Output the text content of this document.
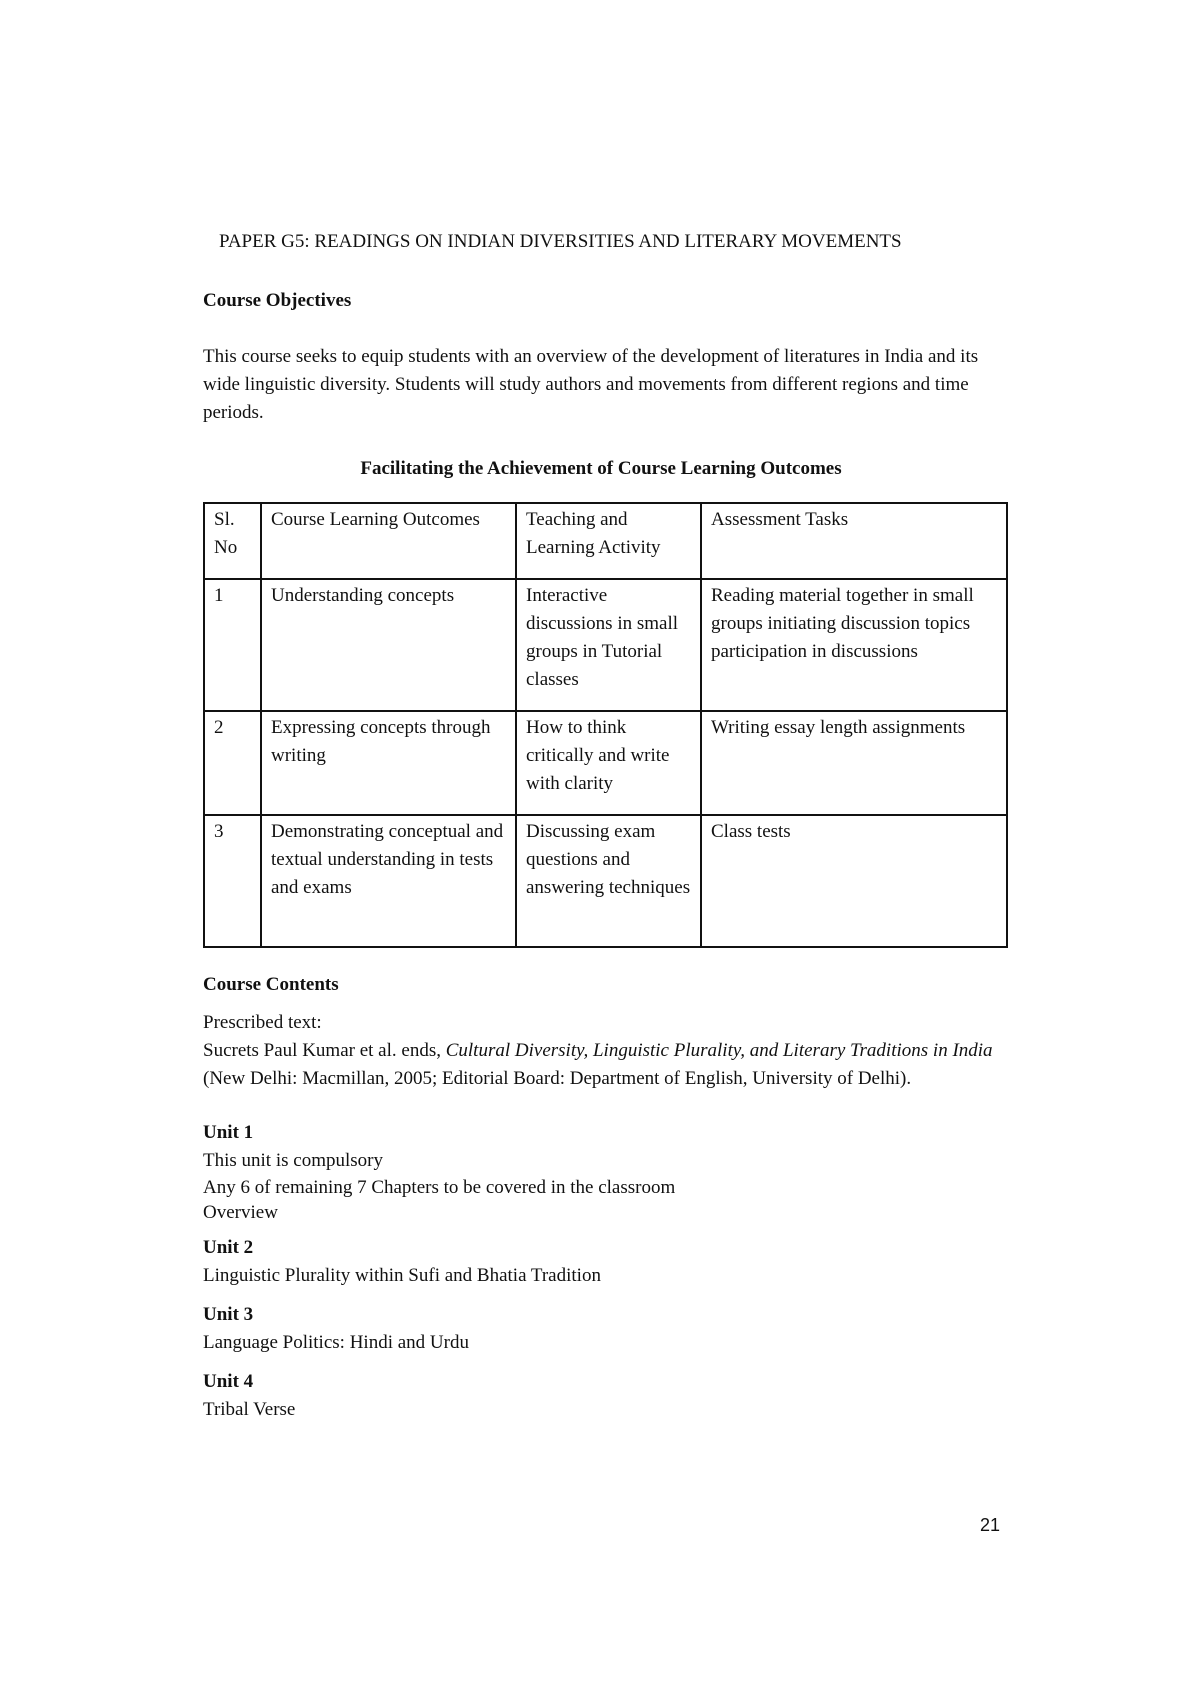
PAPER G5: READINGS ON INDIAN DIVERSITIES AND LITERARY MOVEMENTS
Course Objectives
This course seeks to equip students with an overview of the development of literatures in India and its wide linguistic diversity. Students will study authors and movements from different regions and time periods.
Facilitating the Achievement of Course Learning Outcomes
Sl. No	Course Learning Outcomes	Teaching and Learning Activity	Assessment Tasks
1	Understanding concepts	Interactive discussions in small groups in Tutorial classes	Reading material together in small groups initiating discussion topics participation in discussions
2	Expressing concepts through writing	How to think critically and write with clarity	Writing essay length assignments
3	Demonstrating conceptual and textual understanding in tests and exams	Discussing exam questions and answering techniques	Class tests
Course Contents
Prescribed text:
Sucrets Paul Kumar et al. ends, Cultural Diversity, Linguistic Plurality, and Literary Traditions in India (New Delhi: Macmillan, 2005; Editorial Board: Department of English, University of Delhi).
Unit 1
This unit is compulsory
Any 6 of remaining 7 Chapters to be covered in the classroom
Overview
Unit 2
Linguistic Plurality within Sufi and Bhatia Tradition
Unit 3
Language Politics: Hindi and Urdu
Unit 4
Tribal Verse
21
